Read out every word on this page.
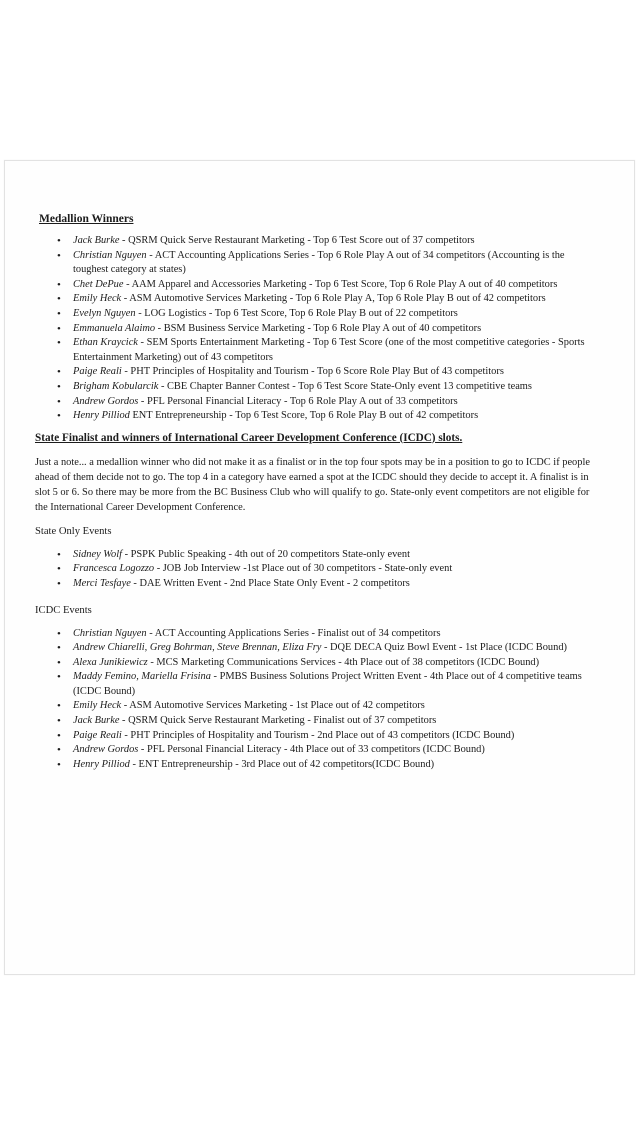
Medallion Winners
• Jack Burke - QSRM Quick Serve Restaurant Marketing - Top 6 Test Score out of 37 competitors
• Christian Nguyen - ACT Accounting Applications Series - Top 6 Role Play A out of 34 competitors (Accounting is the toughest category at states)
• Chet DePue - AAM Apparel and Accessories Marketing - Top 6 Test Score, Top 6 Role Play A out of 40 competitors
• Emily Heck - ASM Automotive Services Marketing - Top 6 Role Play A, Top 6 Role Play B out of 42 competitors
• Evelyn Nguyen - LOG Logistics - Top 6 Test Score, Top 6 Role Play B out of 22 competitors
• Emmanuela Alaimo - BSM Business Service Marketing - Top 6 Role Play A out of 40 competitors
• Ethan Kraycick - SEM Sports Entertainment Marketing - Top 6 Test Score (one of the most competitive categories - Sports Entertainment Marketing) out of 43 competitors
• Paige Reali - PHT Principles of Hospitality and Tourism - Top 6 Score Role Play But of 43 competitors
• Brigham Kobularcik - CBE Chapter Banner Contest - Top 6 Test Score State-Only event 13 competitive teams
• Andrew Gordos - PFL Personal Financial Literacy - Top 6 Role Play A out of 33 competitors
• Henry Pilliod ENT Entrepreneurship - Top 6 Test Score, Top 6 Role Play B out of 42 competitors
State Finalist and winners of International Career Development Conference (ICDC) slots.

Just a note... a medallion winner who did not make it as a finalist or in the top four spots may be in a position to go to ICDC if people ahead of them decide not to go. The top 4 in a category have earned a spot at the ICDC should they decide to accept it. A finalist is in slot 5 or 6. So there may be more from the BC Business Club who will qualify to go. State-only event competitors are not eligible for the International Career Development Conference.

State Only Events
• Sidney Wolf - PSPK Public Speaking - 4th out of 20 competitors State-only event
• Francesca Logozzo - JOB Job Interview -1st Place out of 30 competitors - State-only event
• Merci Tesfaye - DAE Written Event - 2nd Place State Only Event - 2 competitors
ICDC Events
• Christian Nguyen - ACT Accounting Applications Series - Finalist out of 34 competitors
• Andrew Chiarelli, Greg Bohrman, Steve Brennan, Eliza Fry - DQE DECA Quiz Bowl Event - 1st Place (ICDC Bound)
• Alexa Junikiewicz - MCS Marketing Communications Services - 4th Place out of 38 competitors (ICDC Bound)
• Maddy Femino, Mariella Frisina - PMBS Business Solutions Project Written Event - 4th Place out of 4 competitive teams (ICDC Bound)
• Emily Heck - ASM Automotive Services Marketing - 1st Place out of 42 competitors
• Jack Burke - QSRM Quick Serve Restaurant Marketing - Finalist out of 37 competitors
• Paige Reali - PHT Principles of Hospitality and Tourism - 2nd Place out of 43 competitors (ICDC Bound)
• Andrew Gordos - PFL Personal Financial Literacy - 4th Place out of 33 competitors (ICDC Bound)
• Henry Pilliod - ENT Entrepreneurship - 3rd Place out of 42 competitors(ICDC Bound)
